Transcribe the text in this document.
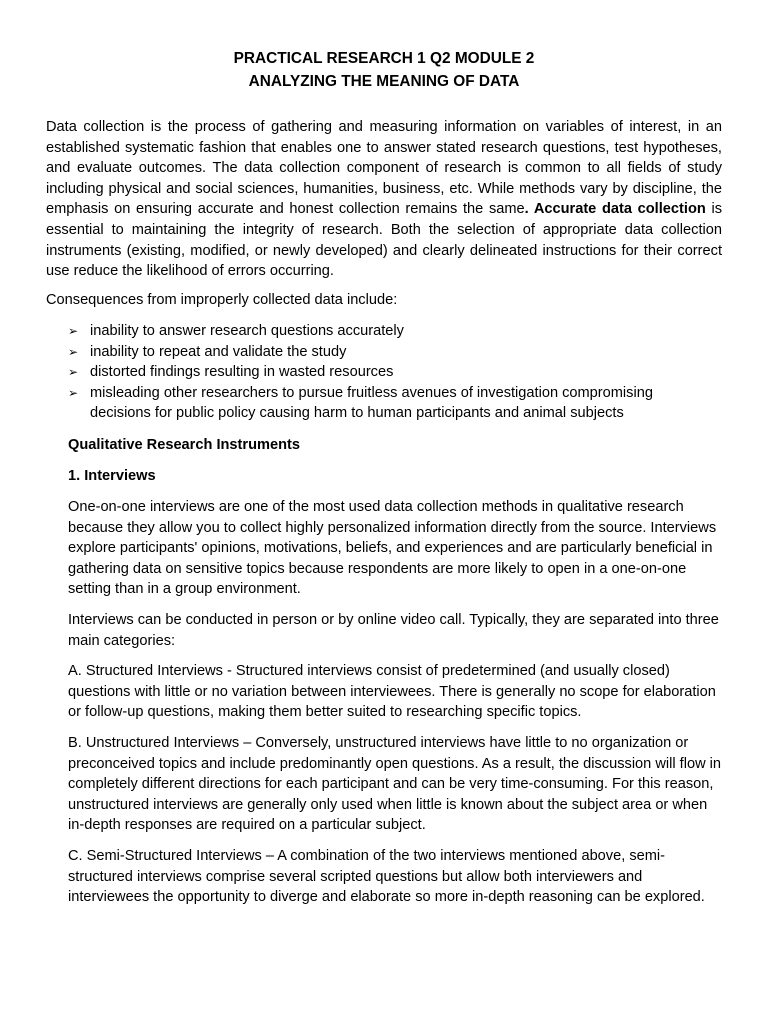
PRACTICAL RESEARCH 1 Q2 MODULE 2
ANALYZING THE MEANING OF DATA

Data collection is the process of gathering and measuring information on variables of interest, in an established systematic fashion that enables one to answer stated research questions, test hypotheses, and evaluate outcomes. The data collection component of research is common to all fields of study including physical and social sciences, humanities, business, etc. While methods vary by discipline, the emphasis on ensuring accurate and honest collection remains the same. Accurate data collection is essential to maintaining the integrity of research. Both the selection of appropriate data collection instruments (existing, modified, or newly developed) and clearly delineated instructions for their correct use reduce the likelihood of errors occurring.

Consequences from improperly collected data include:

➢ inability to answer research questions accurately
➢ inability to repeat and validate the study
➢ distorted findings resulting in wasted resources
➢ misleading other researchers to pursue fruitless avenues of investigation compromising decisions for public policy causing harm to human participants and animal subjects

Qualitative Research Instruments

1. Interviews

One-on-one interviews are one of the most used data collection methods in qualitative research because they allow you to collect highly personalized information directly from the source. Interviews explore participants' opinions, motivations, beliefs, and experiences and are particularly beneficial in gathering data on sensitive topics because respondents are more likely to open in a one-on-one setting than in a group environment.

Interviews can be conducted in person or by online video call. Typically, they are separated into three main categories:

A. Structured Interviews - Structured interviews consist of predetermined (and usually closed) questions with little or no variation between interviewees. There is generally no scope for elaboration or follow-up questions, making them better suited to researching specific topics.

B. Unstructured Interviews – Conversely, unstructured interviews have little to no organization or preconceived topics and include predominantly open questions. As a result, the discussion will flow in completely different directions for each participant and can be very time-consuming. For this reason, unstructured interviews are generally only used when little is known about the subject area or when in-depth responses are required on a particular subject.

C. Semi-Structured Interviews – A combination of the two interviews mentioned above, semi-structured interviews comprise several scripted questions but allow both interviewers and interviewees the opportunity to diverge and elaborate so more in-depth reasoning can be explored.
